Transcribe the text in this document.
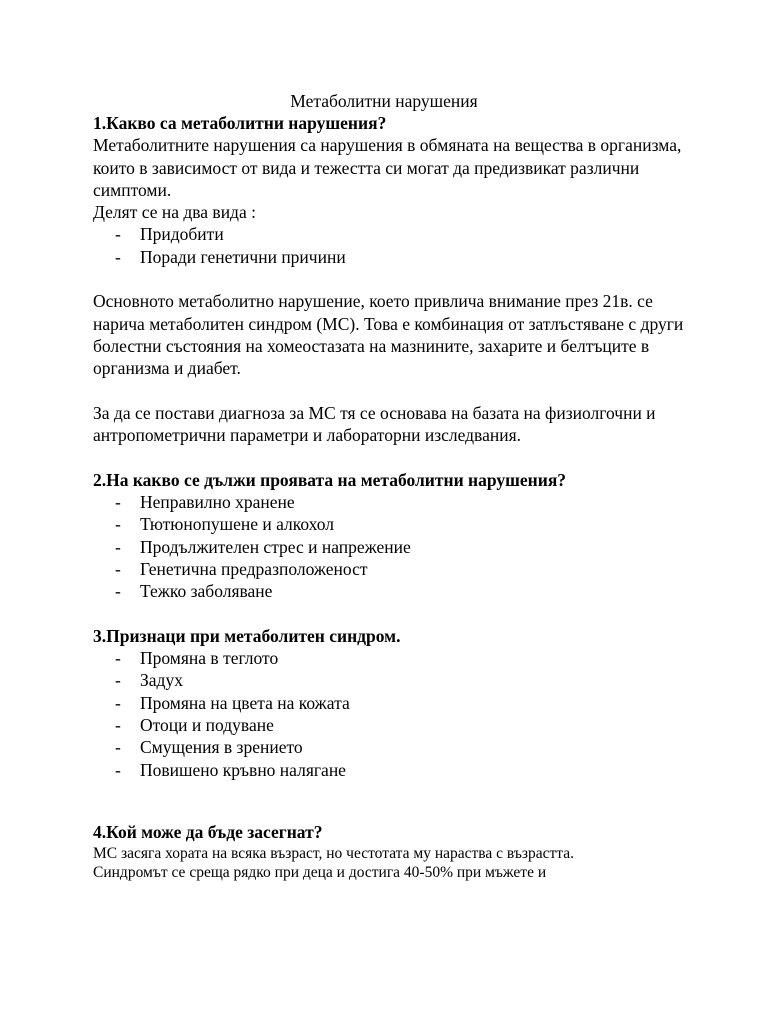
Метаболитни нарушения
1.Какво са метаболитни нарушения?
Метаболитните нарушения са нарушения в обмяната на вещества в организма, които в зависимост от вида и тежестта си могат да предизвикат различни симптоми.
Делят се на два вида :
- Придобити
- Поради генетични причини
Основното метаболитно нарушение, което привлича внимание през 21в. се нарича метаболитен синдром (МС). Това е комбинация от затлъстяване с други болестни състояния на хомеостазата на мазнините, захарите и белтъците в организма и диабет.
За да се постави диагноза за МС тя се основава на базата на физиолгочни и антропометрични параметри и лабораторни изследвания.
2.На какво се дължи проявата на метаболитни нарушения?
- Неправилно хранене
- Тютюнопушене и алкохол
- Продължителен стрес и напрежение
- Генетична предразположеност
- Тежко заболяване
3.Признаци при метаболитен синдром.
- Промяна в теглото
- Задух
- Промяна на цвета на кожата
- Отоци и подуване
- Смущения в зрението
- Повишено кръвно налягане
4.Кой може да бъде засегнат?
МС засяга хората на всяка възраст, но честотата му нараства с възрастта.
Синдромът се среща рядко при деца и достига 40-50% при мъжете и
